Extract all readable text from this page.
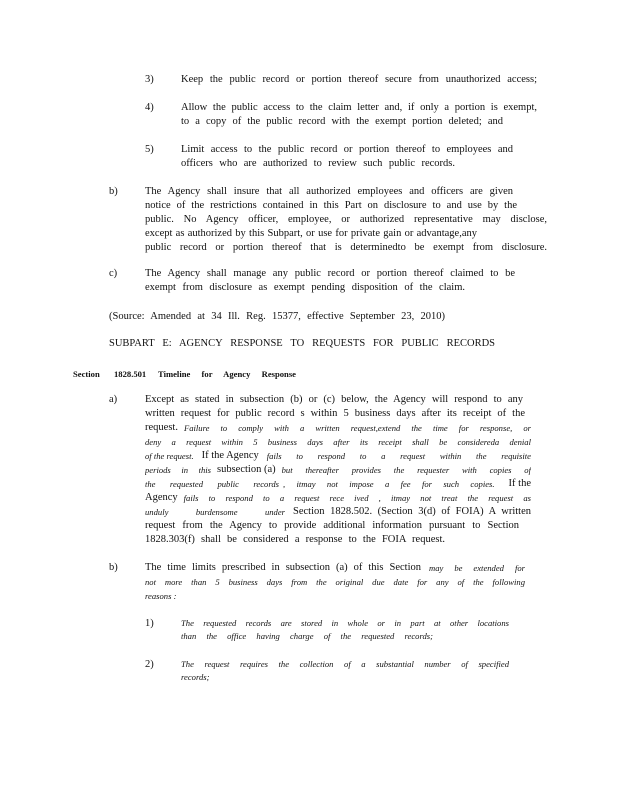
3)	Keep the public record or portion thereof secure from unauthorized access;
4)	Allow the public access to the claim letter and, if only a portion is exempt,
to a copy of the public record with the exempt portion deleted; and
5)	Limit access to the public record or portion thereof to employees and
officers who are authorized to review such public records.
b)	The Agency shall insure that all authorized employees and officers are given
notice of the restrictions contained in this Part on disclosure to and use by the
public. No Agency officer, employee, or authorized representative may disclose,
except as authorized by this Subpart, or use for private gain or advantage,any
public record or portion thereof that is determinedto be exempt from disclosure.
c)	The Agency shall manage any public record or portion thereof claimed to be
exempt from disclosure as exempt pending disposition of the claim.
(Source: Amended at 34 Ill. Reg. 15377, effective September 23, 2010)
SUBPART E: AGENCY RESPONSE TO REQUESTS FOR PUBLIC RECORDS
Section 1828.501 Timeline for Agency Response
a)	Except as stated in subsection (b) or (c) below, the Agency will respond to any
written request for public record s within 5 business days after its receipt of the
request. Failure to comply with a written request,extend the time for response, or
deny a request within 5 business days after its receipt shall be considereda denial
of the request. If the Agency fails to respond to a request within the requisite
periods in this subsection (a) but thereafter provides the requester with copies of
the requested public records , itmay not impose a fee for such copies. If the
Agency fails to respond to a request rece ived , itmay not treat the request as
unduly burdensome under Section 1828.502. (Section 3(d) of FOIA) A written
request from the Agency to provide additional information pursuant to Section
1828.303(f) shall be considered a response to the FOIA request.
b)	The time limits prescribed in subsection (a) of this Section may be extended for
not more than 5 business days from the original due date for any of the following
reasons :
1)	The requested records are stored in whole or in part at other locations
than the office having charge of the requested records;
2)	The request requires the collection of a substantial number of specified
records;
